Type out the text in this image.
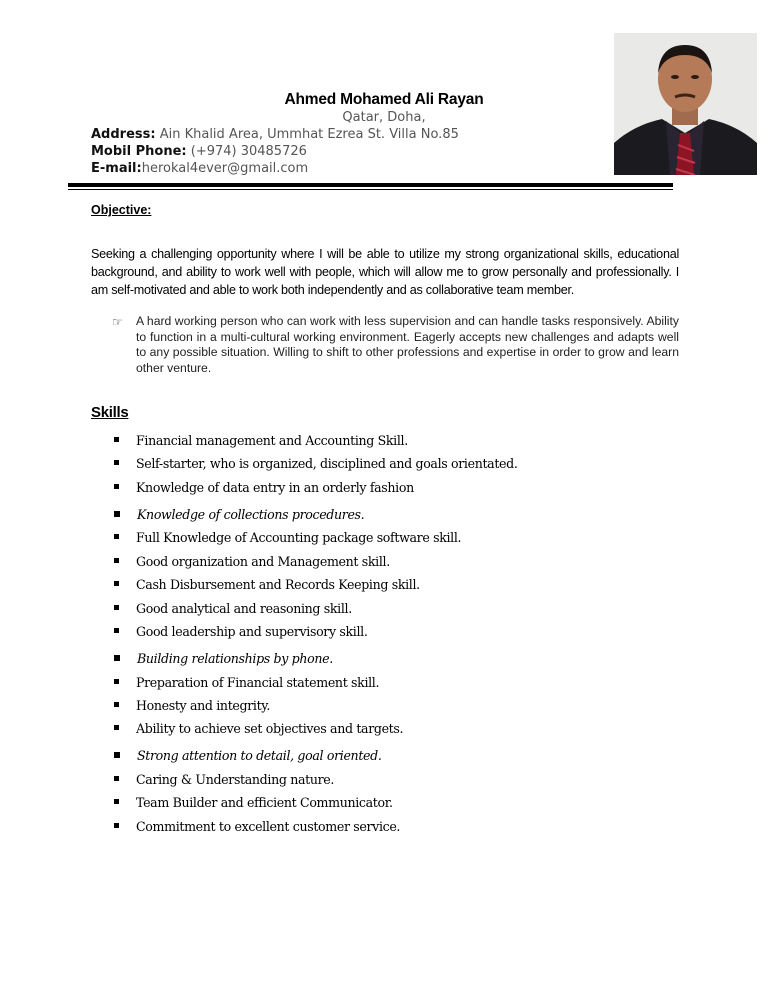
Ahmed Mohamed Ali Rayan
Qatar, Doha,
Address: Ain Khalid Area, Ummhat Ezrea St. Villa No.85
Mobil Phone: (+974) 30485726
E-mail:herokal4ever@gmail.com
Objective:
Seeking a challenging opportunity where I will be able to utilize my strong organizational skills, educational background, and ability to work well with people, which will allow me to grow personally and professionally. I am self-motivated and able to work both independently and as collaborative team member.
☞ A hard working person who can work with less supervision and can handle tasks responsively. Ability to function in a multi-cultural working environment. Eagerly accepts new challenges and adapts well to any possible situation. Willing to shift to other professions and expertise in order to grow and learn other venture.
Skills
Financial management and Accounting Skill.
Self-starter, who is organized, disciplined and goals orientated.
Knowledge of data entry in an orderly fashion
Knowledge of collections procedures.
Full Knowledge of Accounting package software skill.
Good organization and Management skill.
Cash Disbursement and Records Keeping skill.
Good analytical and reasoning skill.
Good leadership and supervisory skill.
Building relationships by phone.
Preparation of Financial statement skill.
Honesty and integrity.
Ability to achieve set objectives and targets.
Strong attention to detail, goal oriented.
Caring & Understanding nature.
Team Builder and efficient Communicator.
Commitment to excellent customer service.
